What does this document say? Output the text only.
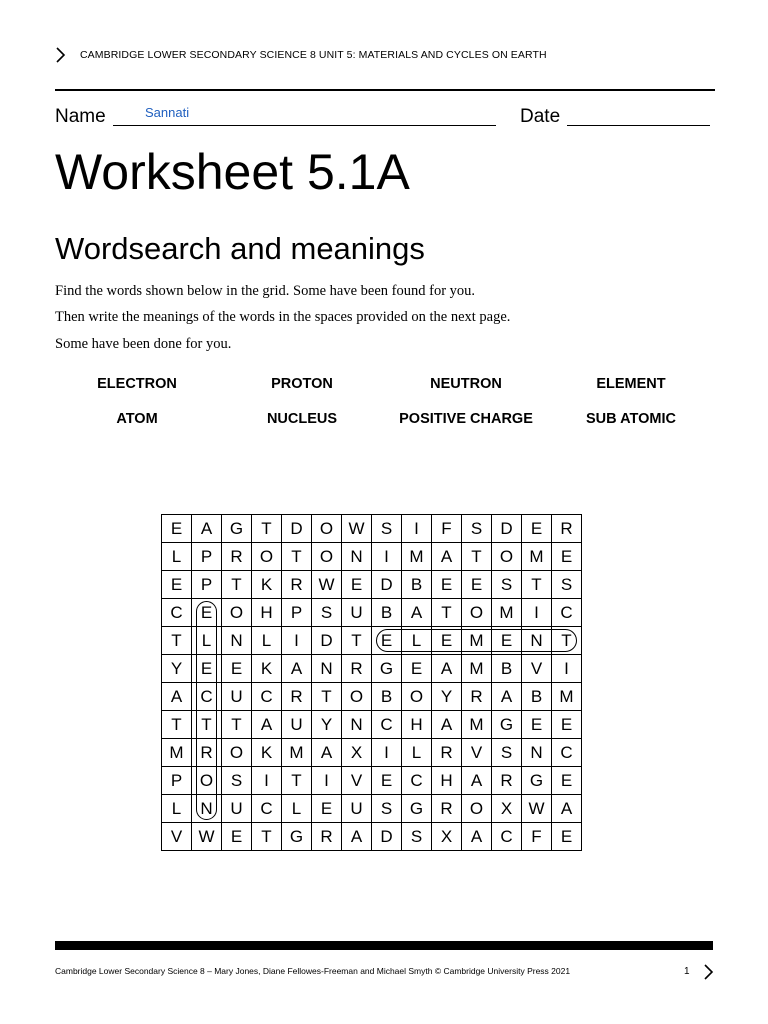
CAMBRIDGE LOWER SECONDARY SCIENCE 8 UNIT 5: MATERIALS AND CYCLES ON EARTH
Name	Sannati	Date
Worksheet 5.1A
Wordsearch and meanings
Find the words shown below in the grid. Some have been found for you.
Then write the meanings of the words in the spaces provided on the next page.
Some have been done for you.
ELECTRON	PROTON	NEUTRON	ELEMENT
ATOM	NUCLEUS	POSITIVE CHARGE	SUB ATOMIC
E	A	G	T	D	O	W	S	I	F	S	D	E	R
L	P	R	O	T	O	N	I	M	A	T	O	M	E
E	P	T	K	R	W	E	D	B	E	E	S	T	S
C	E	O	H	P	S	U	B	A	T	O	M	I	C
T	L	N	L	I	D	T	E	L	E	M	E	N	T
Y	E	E	K	A	N	R	G	E	A	M	B	V	I
A	C	U	C	R	T	O	B	O	Y	R	A	B	M
T	T	T	A	U	Y	N	C	H	A	M	G	E	E
M	R	O	K	M	A	X	I	L	R	V	S	N	C
P	O	S	I	T	I	V	E	C	H	A	R	G	E
L	N	U	C	L	E	U	S	G	R	O	X	W	A
V	W	E	T	G	R	A	D	S	X	A	C	F	E
Cambridge Lower Secondary Science 8 – Mary Jones, Diane Fellowes-Freeman and Michael Smyth © Cambridge University Press 2021	1
